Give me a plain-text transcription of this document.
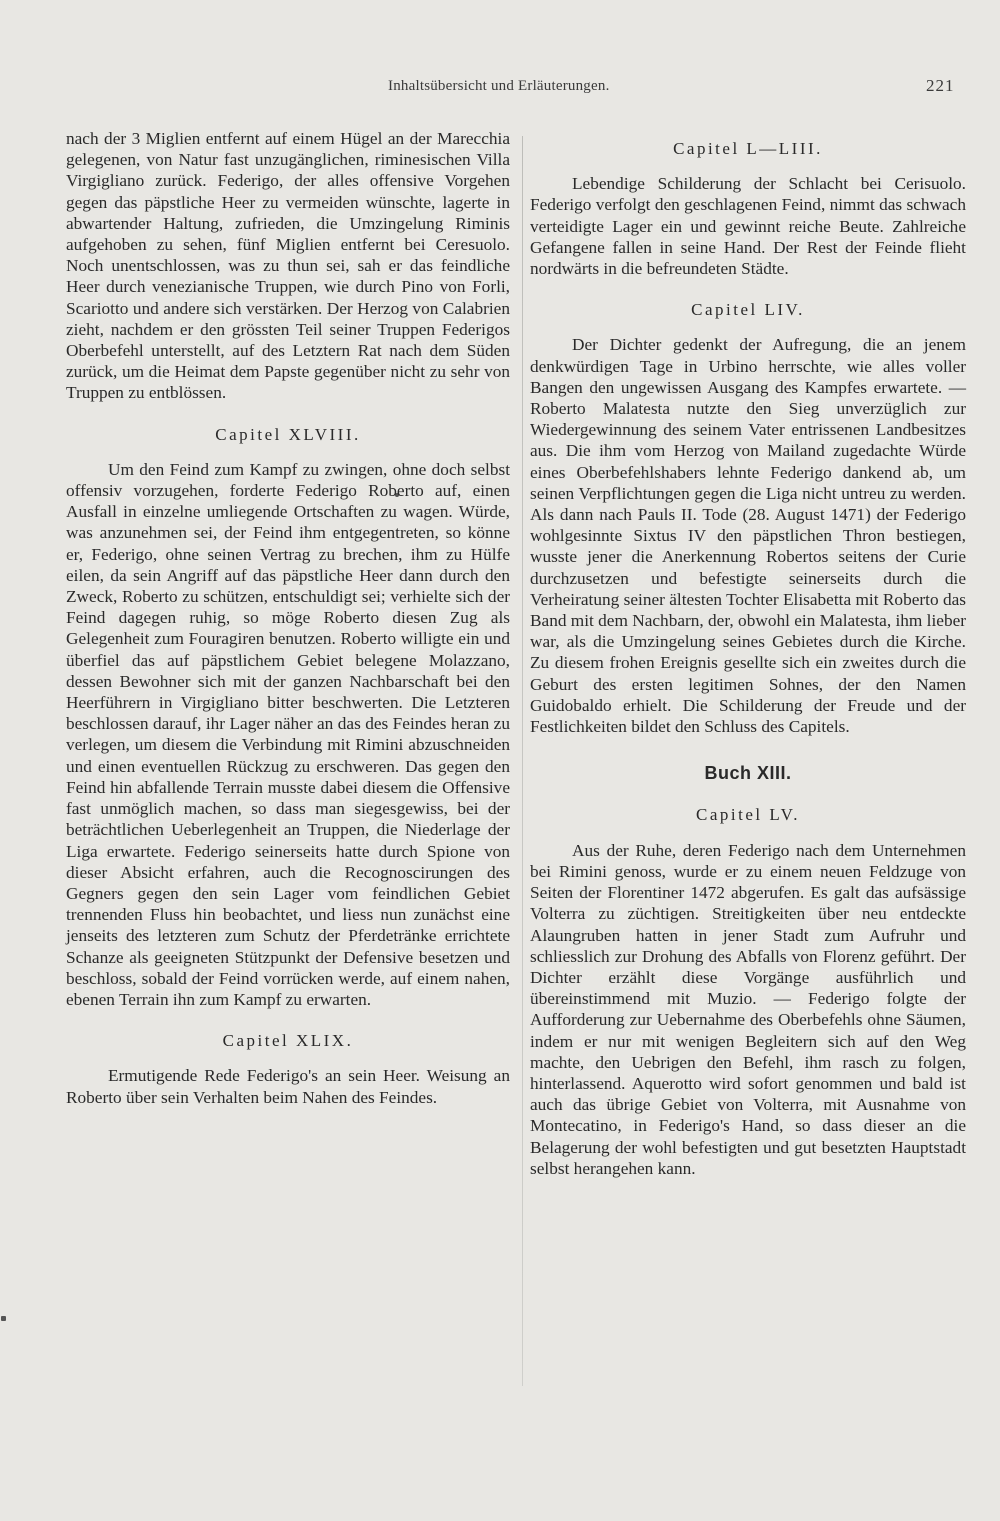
Inhaltsübersicht und Erläuterungen.	221

nach der 3 Miglien entfernt auf einem Hügel an der Marecchia gelegenen, von Natur fast unzugänglichen, riminesischen Villa Virgigliano zurück. Federigo, der alles offensive Vorgehen gegen das päpstliche Heer zu vermeiden wünschte, lagerte in abwartender Haltung, zufrieden, die Umzingelung Riminis aufgehoben zu sehen, fünf Miglien entfernt bei Ceresuolo. Noch unentschlossen, was zu thun sei, sah er das feindliche Heer durch venezianische Truppen, wie durch Pino von Forli, Scariotto und andere sich verstärken. Der Herzog von Calabrien zieht, nachdem er den grössten Teil seiner Truppen Federigos Oberbefehl unterstellt, auf des Letztern Rat nach dem Süden zurück, um die Heimat dem Papste gegenüber nicht zu sehr von Truppen zu entblössen.

Capitel XLVIII.

Um den Feind zum Kampf zu zwingen, ohne doch selbst offensiv vorzugehen, forderte Federigo Roberto auf, einen Ausfall in einzelne umliegende Ortschaften zu wagen. Würde, was anzunehmen sei, der Feind ihm entgegentreten, so könne er, Federigo, ohne seinen Vertrag zu brechen, ihm zu Hülfe eilen, da sein Angriff auf das päpstliche Heer dann durch den Zweck, Roberto zu schützen, entschuldigt sei; verhielte sich der Feind dagegen ruhig, so möge Roberto diesen Zug als Gelegenheit zum Fouragiren benutzen. Roberto willigte ein und überfiel das auf päpstlichem Gebiet belegene Molazzano, dessen Bewohner sich mit der ganzen Nachbarschaft bei den Heerführern in Virgigliano bitter beschwerten. Die Letzteren beschlossen darauf, ihr Lager näher an das des Feindes heran zu verlegen, um diesem die Verbindung mit Rimini abzuschneiden und einen eventuellen Rückzug zu erschweren. Das gegen den Feind hin abfallende Terrain musste dabei diesem die Offensive fast unmöglich machen, so dass man siegesgewiss, bei der beträchtlichen Ueberlegenheit an Truppen, die Niederlage der Liga erwartete. Federigo seinerseits hatte durch Spione von dieser Absicht erfahren, auch die Recognoscirungen des Gegners gegen den sein Lager vom feindlichen Gebiet trennenden Fluss hin beobachtet, und liess nun zunächst eine jenseits des letzteren zum Schutz der Pferdetränke errichtete Schanze als geeigneten Stützpunkt der Defensive besetzen und beschloss, sobald der Feind vorrücken werde, auf einem nahen, ebenen Terrain ihn zum Kampf zu erwarten.

Capitel XLIX.

Ermutigende Rede Federigo's an sein Heer. Weisung an Roberto über sein Verhalten beim Nahen des Feindes.

Capitel L—LIII.

Lebendige Schilderung der Schlacht bei Cerisuolo. Federigo verfolgt den geschlagenen Feind, nimmt das schwach verteidigte Lager ein und gewinnt reiche Beute. Zahlreiche Gefangene fallen in seine Hand. Der Rest der Feinde flieht nordwärts in die befreundeten Städte.

Capitel LIV.

Der Dichter gedenkt der Aufregung, die an jenem denkwürdigen Tage in Urbino herrschte, wie alles voller Bangen den ungewissen Ausgang des Kampfes erwartete. — Roberto Malatesta nutzte den Sieg unverzüglich zur Wiedergewinnung des seinem Vater entrissenen Landbesitzes aus. Die ihm vom Herzog von Mailand zugedachte Würde eines Oberbefehlshabers lehnte Federigo dankend ab, um seinen Verpflichtungen gegen die Liga nicht untreu zu werden. Als dann nach Pauls II. Tode (28. August 1471) der Federigo wohlgesinnte Sixtus IV den päpstlichen Thron bestiegen, wusste jener die Anerkennung Robertos seitens der Curie durchzusetzen und befestigte seinerseits durch die Verheiratung seiner ältesten Tochter Elisabetta mit Roberto das Band mit dem Nachbarn, der, obwohl ein Malatesta, ihm lieber war, als die Umzingelung seines Gebietes durch die Kirche. Zu diesem frohen Ereignis gesellte sich ein zweites durch die Geburt des ersten legitimen Sohnes, der den Namen Guidobaldo erhielt. Die Schilderung der Freude und der Festlichkeiten bildet den Schluss des Capitels.

Buch XIII.
Capitel LV.

Aus der Ruhe, deren Federigo nach dem Unternehmen bei Rimini genoss, wurde er zu einem neuen Feldzuge von Seiten der Florentiner 1472 abgerufen. Es galt das aufsässige Volterra zu züchtigen. Streitigkeiten über neu entdeckte Alaungruben hatten in jener Stadt zum Aufruhr und schliesslich zur Drohung des Abfalls von Florenz geführt. Der Dichter erzählt diese Vorgänge ausführlich und übereinstimmend mit Muzio. — Federigo folgte der Aufforderung zur Uebernahme des Oberbefehls ohne Säumen, indem er nur mit wenigen Begleitern sich auf den Weg machte, den Uebrigen den Befehl, ihm rasch zu folgen, hinterlassend. Aquerotto wird sofort genommen und bald ist auch das übrige Gebiet von Volterra, mit Ausnahme von Montecatino, in Federigo's Hand, so dass dieser an die Belagerung der wohl befestigten und gut besetzten Hauptstadt selbst herangehen kann.
